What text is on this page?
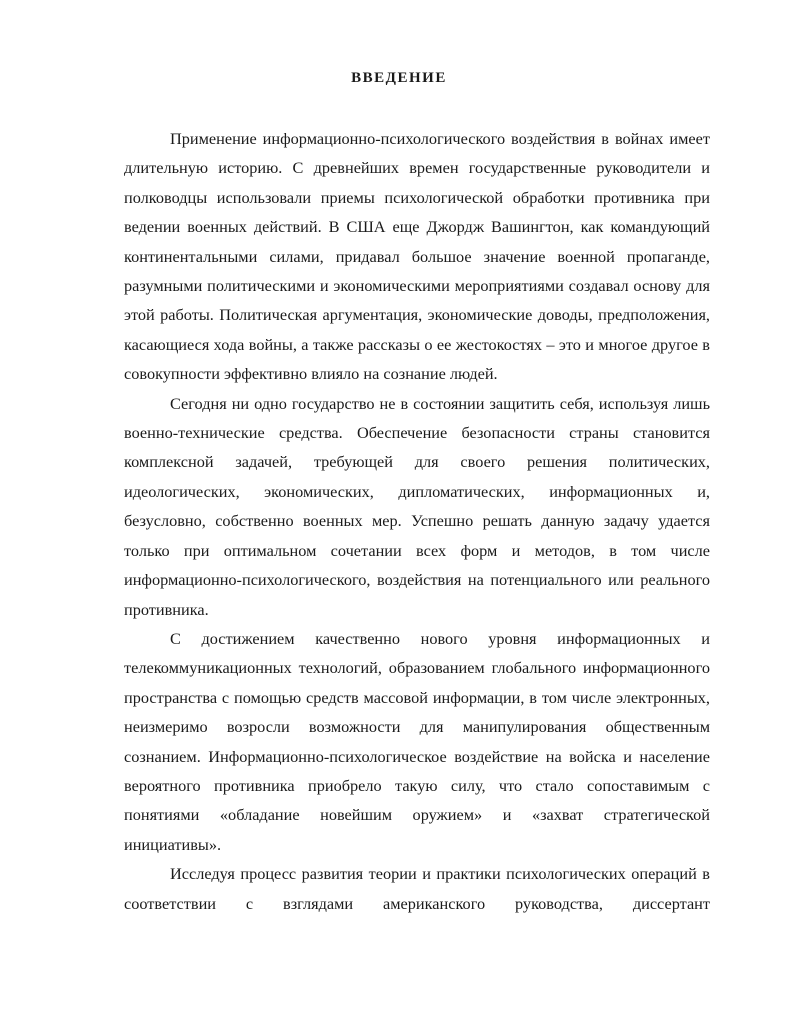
ВВЕДЕНИЕ

Применение информационно-психологического воздействия в войнах имеет длительную историю. С древнейших времен государственные руководители и полководцы использовали приемы психологической обработки противника при ведении военных действий. В США еще Джордж Вашингтон, как командующий континентальными силами, придавал большое значение военной пропаганде, разумными политическими и экономическими мероприятиями создавал основу для этой работы. Политическая аргументация, экономические доводы, предположения, касающиеся хода войны, а также рассказы о ее жестокостях – это и многое другое в совокупности эффективно влияло на сознание людей.

Сегодня ни одно государство не в состоянии защитить себя, используя лишь военно-технические средства. Обеспечение безопасности страны становится комплексной задачей, требующей для своего решения политических, идеологических, экономических, дипломатических, информационных и, безусловно, собственно военных мер. Успешно решать данную задачу удается только при оптимальном сочетании всех форм и методов, в том числе информационно-психологического, воздействия на потенциального или реального противника.

С достижением качественно нового уровня информационных и телекоммуникационных технологий, образованием глобального информационного пространства с помощью средств массовой информации, в том числе электронных, неизмеримо возросли возможности для манипулирования общественным сознанием. Информационно-психологическое воздействие на войска и население вероятного противника приобрело такую силу, что стало сопоставимым с понятиями «обладание новейшим оружием» и «захват стратегической инициативы».

Исследуя процесс развития теории и практики психологических операций в соответствии с взглядами американского руководства, диссертант
